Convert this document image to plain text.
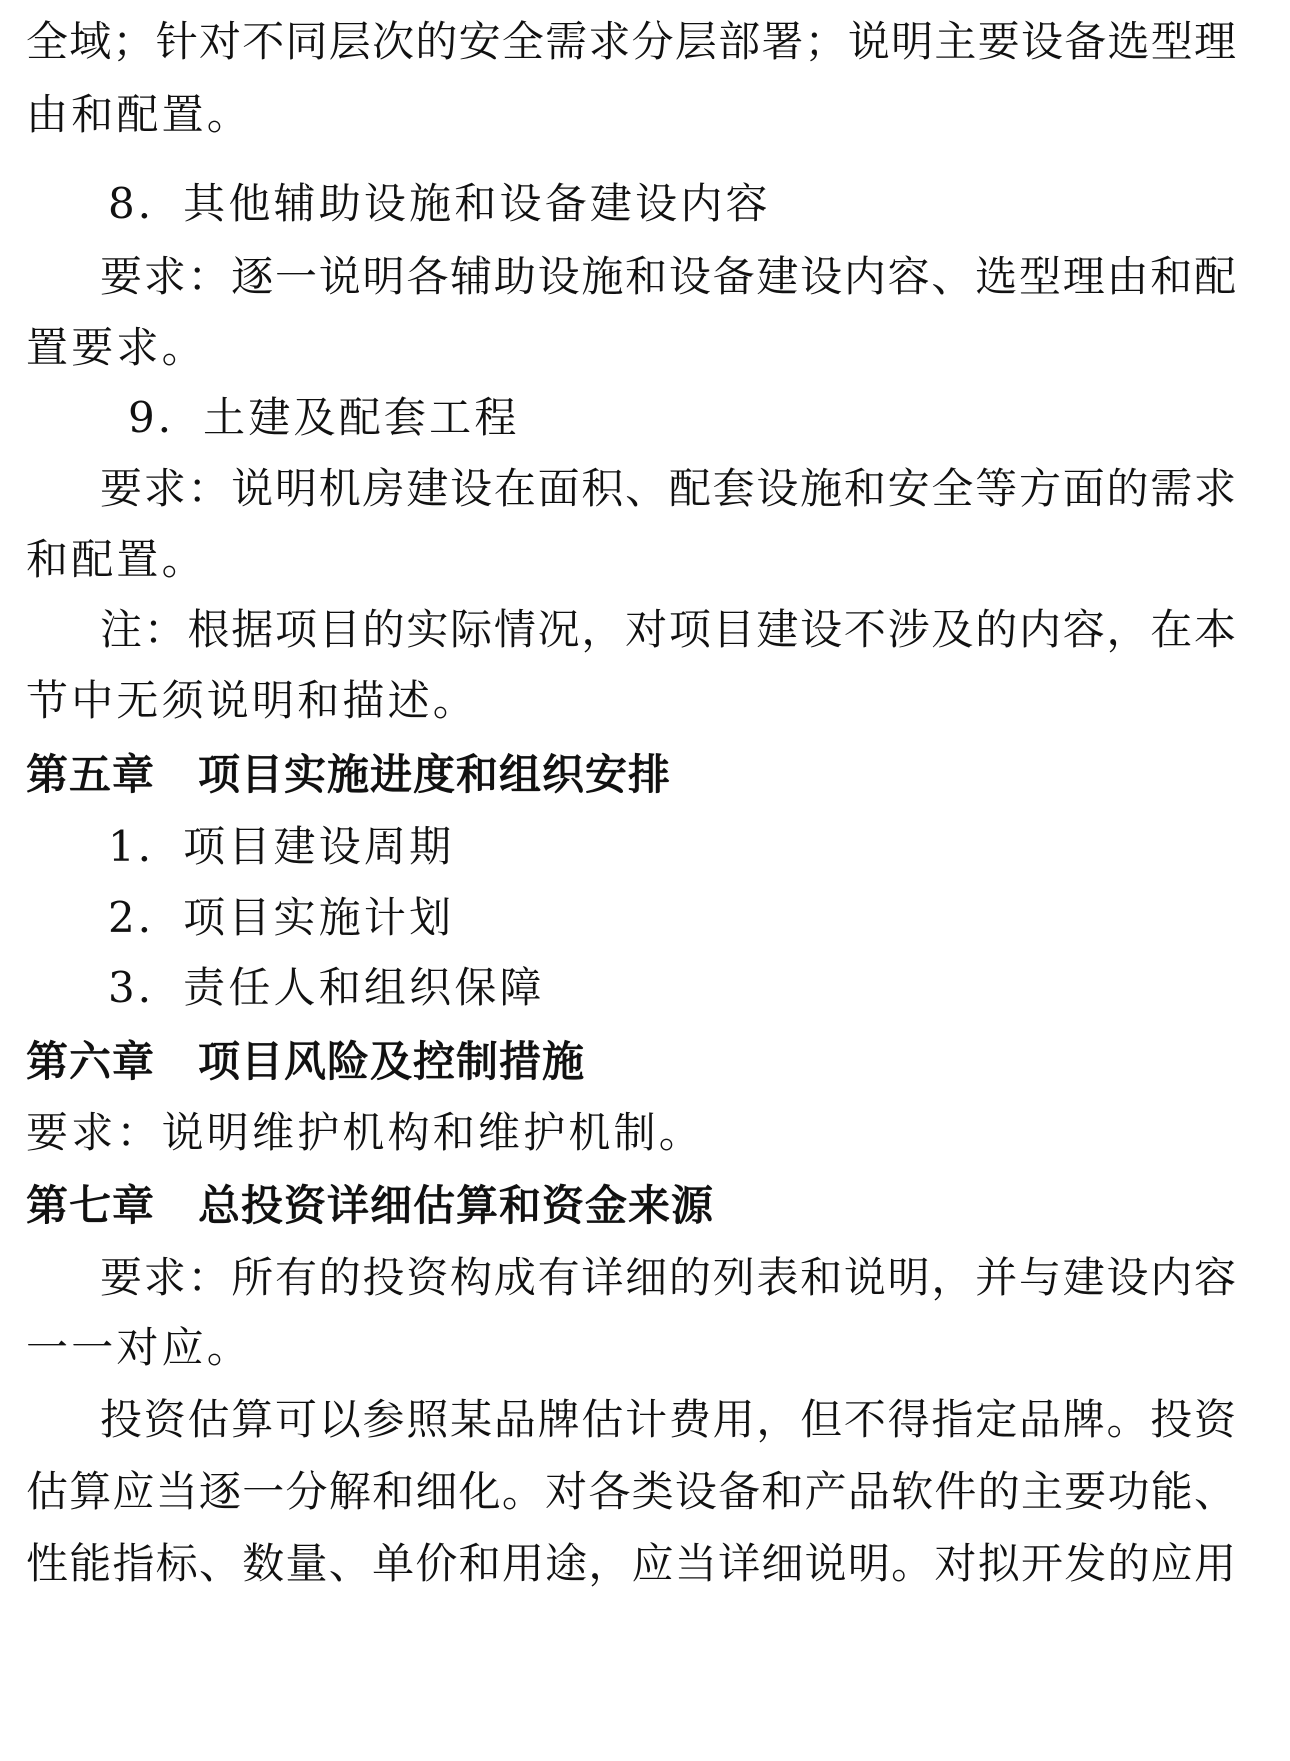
全域；针对不同层次的安全需求分层部署；说明主要设备选型理
由和配置。
8．其他辅助设施和设备建设内容
要求：逐一说明各辅助设施和设备建设内容、选型理由和配
置要求。
9．土建及配套工程
要求：说明机房建设在面积、配套设施和安全等方面的需求
和配置。
注：根据项目的实际情况，对项目建设不涉及的内容，在本
节中无须说明和描述。
第五章　项目实施进度和组织安排
1．项目建设周期
2．项目实施计划
3．责任人和组织保障
第六章　项目风险及控制措施
要求：说明维护机构和维护机制。
第七章　总投资详细估算和资金来源
要求：所有的投资构成有详细的列表和说明，并与建设内容
一一对应。
投资估算可以参照某品牌估计费用，但不得指定品牌。投资
估算应当逐一分解和细化。对各类设备和产品软件的主要功能、
性能指标、数量、单价和用途，应当详细说明。对拟开发的应用
